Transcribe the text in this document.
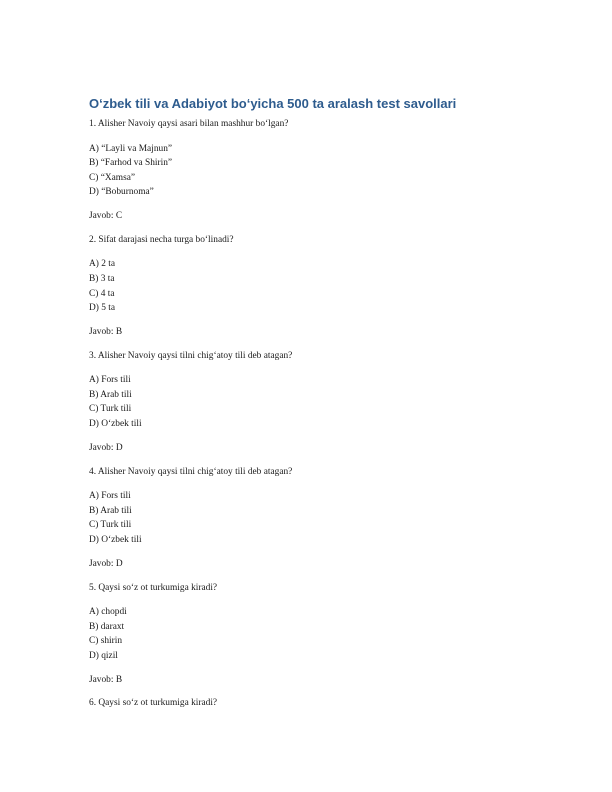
O‘zbek tili va Adabiyot bo‘yicha 500 ta aralash test savollari
1. Alisher Navoiy qaysi asari bilan mashhur bo‘lgan?
A) “Layli va Majnun”
B) “Farhod va Shirin”
C) “Xamsa”
D) “Boburnoma”
Javob: C
2. Sifat darajasi necha turga bo‘linadi?
A) 2 ta
B) 3 ta
C) 4 ta
D) 5 ta
Javob: B
3. Alisher Navoiy qaysi tilni chig‘atoy tili deb atagan?
A) Fors tili
B) Arab tili
C) Turk tili
D) O‘zbek tili
Javob: D
4. Alisher Navoiy qaysi tilni chig‘atoy tili deb atagan?
A) Fors tili
B) Arab tili
C) Turk tili
D) O‘zbek tili
Javob: D
5. Qaysi so‘z ot turkumiga kiradi?
A) chopdi
B) daraxt
C) shirin
D) qizil
Javob: B
6. Qaysi so‘z ot turkumiga kiradi?
